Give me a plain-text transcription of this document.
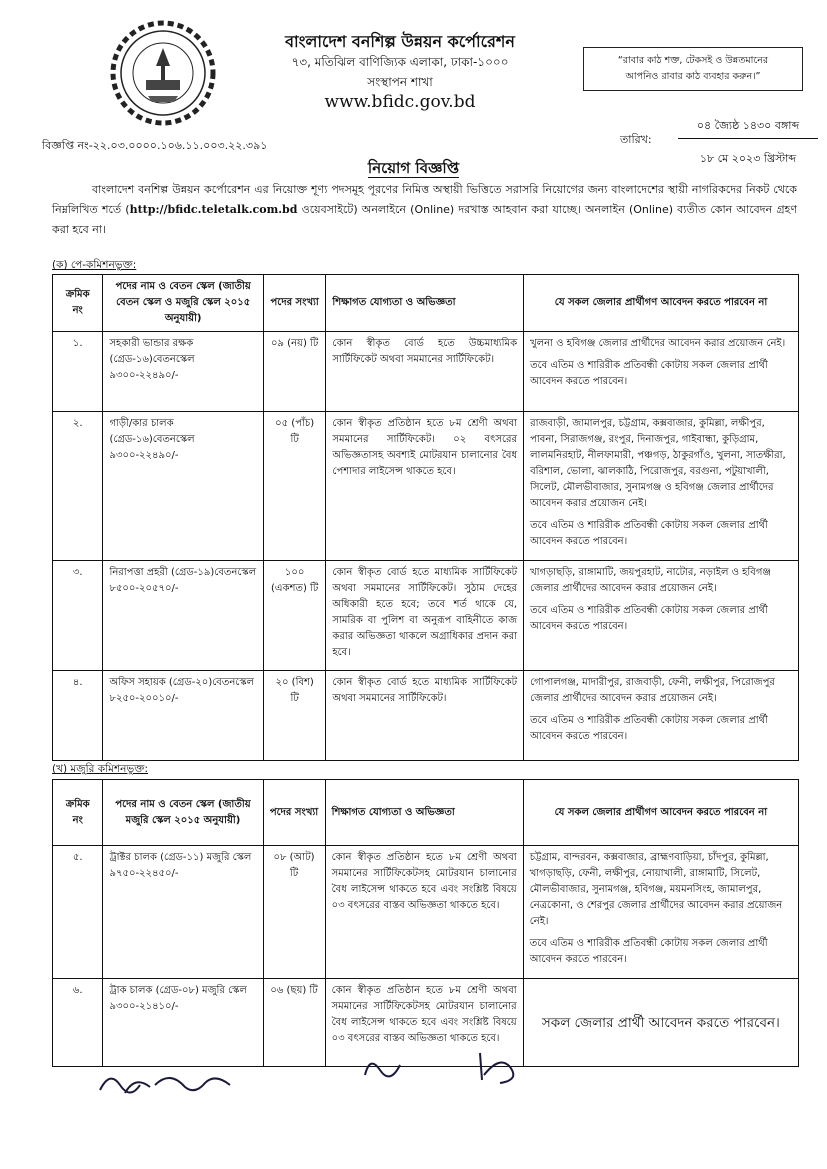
বাংলাদেশ বনশিল্প উন্নয়ন কর্পোরেশন
৭৩, মতিঝিল বাণিজ্যিক এলাকা, ঢাকা-১০০০
সংস্থাপন শাখা
www.bfidc.gov.bd
“রাবার কাঠ শক্ত, টেকসই ও উন্নতমানের
আপনিও রাবার কাঠ ব্যবহার করুন।”
বিজ্ঞপ্তি নং-২২.০৩.০০০০.১০৬.১১.০০৩.২২.৩৯১	তারিখ:
০৪ জ্যৈষ্ঠ ১৪৩০ বঙ্গাব্দ
১৮ মে ২০২৩ খ্রিস্টাব্দ
নিয়োগ বিজ্ঞপ্তি
বাংলাদেশ বনশিল্প উন্নয়ন কর্পোরেশন এর নিয়োক্ত শূণ্য পদসমূহ পূরণের নিমিত্ত অস্থায়ী ভিত্তিতে সরাসরি নিয়োগের জন্য বাংলাদেশের স্থায়ী নাগরিকদের নিকট থেকে নিম্নলিখিত শর্তে (http://bfidc.teletalk.com.bd ওয়েবসাইটে) অনলাইনে (Online) দরখাস্ত আহবান করা যাচ্ছে। অনলাইন (Online) ব্যতীত কোন আবেদন গ্রহণ করা হবে না।
(ক) পে-কমিশনভুক্ত:
ক্রমিক নং	পদের নাম ও বেতন স্কেল (জাতীয় বেতন স্কেল ও মজুরি স্কেল ২০১৫ অনুযায়ী)	পদের সংখ্যা	শিক্ষাগত যোগ্যতা ও অভিজ্ঞতা	যে সকল জেলার প্রার্থীগণ আবেদন করতে পারবেন না
১.	সহকারী ভান্ডার রক্ষক (গ্রেড-১৬)বেতনস্কেল ৯৩০০-২২৪৯০/-	০৯ (নয়) টি	কোন স্বীকৃত বোর্ড হতে উচ্চমাধ্যমিক সার্টিফিকেট অথবা সমমানের সার্টিফিকেট।	খুলনা ও হবিগঞ্জ জেলার প্রার্থীদের আবেদন করার প্রয়োজন নেই।

তবে এতিম ও শারিরীক প্রতিবন্ধী কোটায় সকল জেলার প্রার্থী আবেদন করতে পারবেন।

২.	গাড়ী/কার চালক (গ্রেড-১৬)বেতনস্কেল ৯৩০০-২২৪৯০/-	০৫ (পাঁচ) টি	কোন স্বীকৃত প্রতিষ্ঠান হতে ৮ম শ্রেণী অথবা সমমানের সার্টিফিকেট। ০২ বৎসরের অভিজ্ঞতাসহ অবশ্যই মোটরযান চালানোর বৈধ পেশাদার লাইসেন্স থাকতে হবে।	রাজবাড়ী, জামালপুর, চট্টগ্রাম, কক্সবাজার, কুমিল্লা, লক্ষীপুর, পাবনা, সিরাজগঞ্জ, রংপুর, দিনাজপুর, গাইবান্ধা, কুড়িগ্রাম, লালমনিরহাট, নীলফামারী, পঞ্চগড়, ঠাকুরগাঁও, খুলনা, সাতক্ষীরা, বরিশাল, ভোলা, ঝালকাঠি, পিরোজপুর, বরগুনা, পটুয়াখালী, সিলেট, মৌলভীবাজার, সুনামগঞ্জ ও হবিগঞ্জ জেলার প্রার্থীদের আবেদন করার প্রয়োজন নেই।

তবে এতিম ও শারিরীক প্রতিবন্ধী কোটায় সকল জেলার প্রার্থী আবেদন করতে পারবেন।

৩.	নিরাপত্তা প্রহরী (গ্রেড-১৯)বেতনস্কেল ৮৫০০-২০৫৭০/-	১০০ (একশত) টি	কোন স্বীকৃত বোর্ড হতে মাধ্যমিক সার্টিফিকেট অথবা সমমানের সার্টিফিকেট। সুঠাম দেহের অধিকারী হতে হবে; তবে শর্ত থাকে যে, সামরিক বা পুলিশ বা অনুরূপ বাহিনীতে কাজ করার অভিজ্ঞতা থাকলে অগ্রাধিকার প্রদান করা হবে।	খাগড়াছড়ি, রাঙ্গামাটি, জয়পুরহাট, নাটোর, নড়াইল ও হবিগঞ্জ জেলার প্রার্থীদের আবেদন করার প্রয়োজন নেই।

তবে এতিম ও শারিরীক প্রতিবন্ধী কোটায় সকল জেলার প্রার্থী আবেদন করতে পারবেন।

৪.	অফিস সহায়ক (গ্রেড-২০)বেতনস্কেল ৮২৫০-২০০১০/-	২০ (বিশ) টি	কোন স্বীকৃত বোর্ড হতে মাধ্যমিক সার্টিফিকেট অথবা সমমানের সার্টিফিকেট।	গোপালগঞ্জ, মাদারীপুর, রাজবাড়ী, ফেনী, লক্ষীপুর, পিরোজপুর জেলার প্রার্থীদের আবেদন করার প্রয়োজন নেই।

তবে এতিম ও শারিরীক প্রতিবন্ধী কোটায় সকল জেলার প্রার্থী আবেদন করতে পারবেন।

(খ) মজুরি কমিশনভুক্ত:
ক্রমিক নং	পদের নাম ও বেতন স্কেল (জাতীয় মজুরি স্কেল ২০১৫ অনুযায়ী)	পদের সংখ্যা	শিক্ষাগত যোগ্যতা ও অভিজ্ঞতা	যে সকল জেলার প্রার্থীগণ আবেদন করতে পারবেন না
৫.	ট্রাক্টর চালক (গ্রেড-১১) মজুরি স্কেল ৯৭৫০-২২৪৫০/-	০৮ (আট) টি	কোন স্বীকৃত প্রতিষ্ঠান হতে ৮ম শ্রেণী অথবা সমমানের সার্টিফিকেটসহ মোটরযান চালানোর বৈধ লাইসেন্স থাকতে হবে এবং সংশ্লিষ্ট বিষয়ে ০৩ বৎসরের বাস্তব অভিজ্ঞতা থাকতে হবে।	চট্টগ্রাম, বান্দরবন, কক্সবাজার, ব্রাহ্মণবাড়িয়া, চাঁদপুর, কুমিল্লা, খাগড়াছড়ি, ফেনী, লক্ষীপুর, নোয়াখালী, রাঙ্গামাটি, সিলেট, মৌলভীবাজার, সুনামগঞ্জ, হবিগঞ্জ, ময়মনসিংহ, জামালপুর, নেত্রকোনা, ও শেরপুর জেলার প্রার্থীদের আবেদন করার প্রয়োজন নেই।

তবে এতিম ও শারিরীক প্রতিবন্ধী কোটায় সকল জেলার প্রার্থী আবেদন করতে পারবেন।

৬.	ট্রাক চালক (গ্রেড-০৮) মজুরি স্কেল ৯৩০০-২১৪১০/-	০৬ (ছয়) টি	কোন স্বীকৃত প্রতিষ্ঠান হতে ৮ম শ্রেণী অথবা সমমানের সার্টিফিকেটসহ মোটরযান চালানোর বৈধ লাইসেন্স থাকতে হবে এবং সংশ্লিষ্ট বিষয়ে ০৩ বৎসরের বাস্তব অভিজ্ঞতা থাকতে হবে।	সকল জেলার প্রার্থী আবেদন করতে পারবেন।
